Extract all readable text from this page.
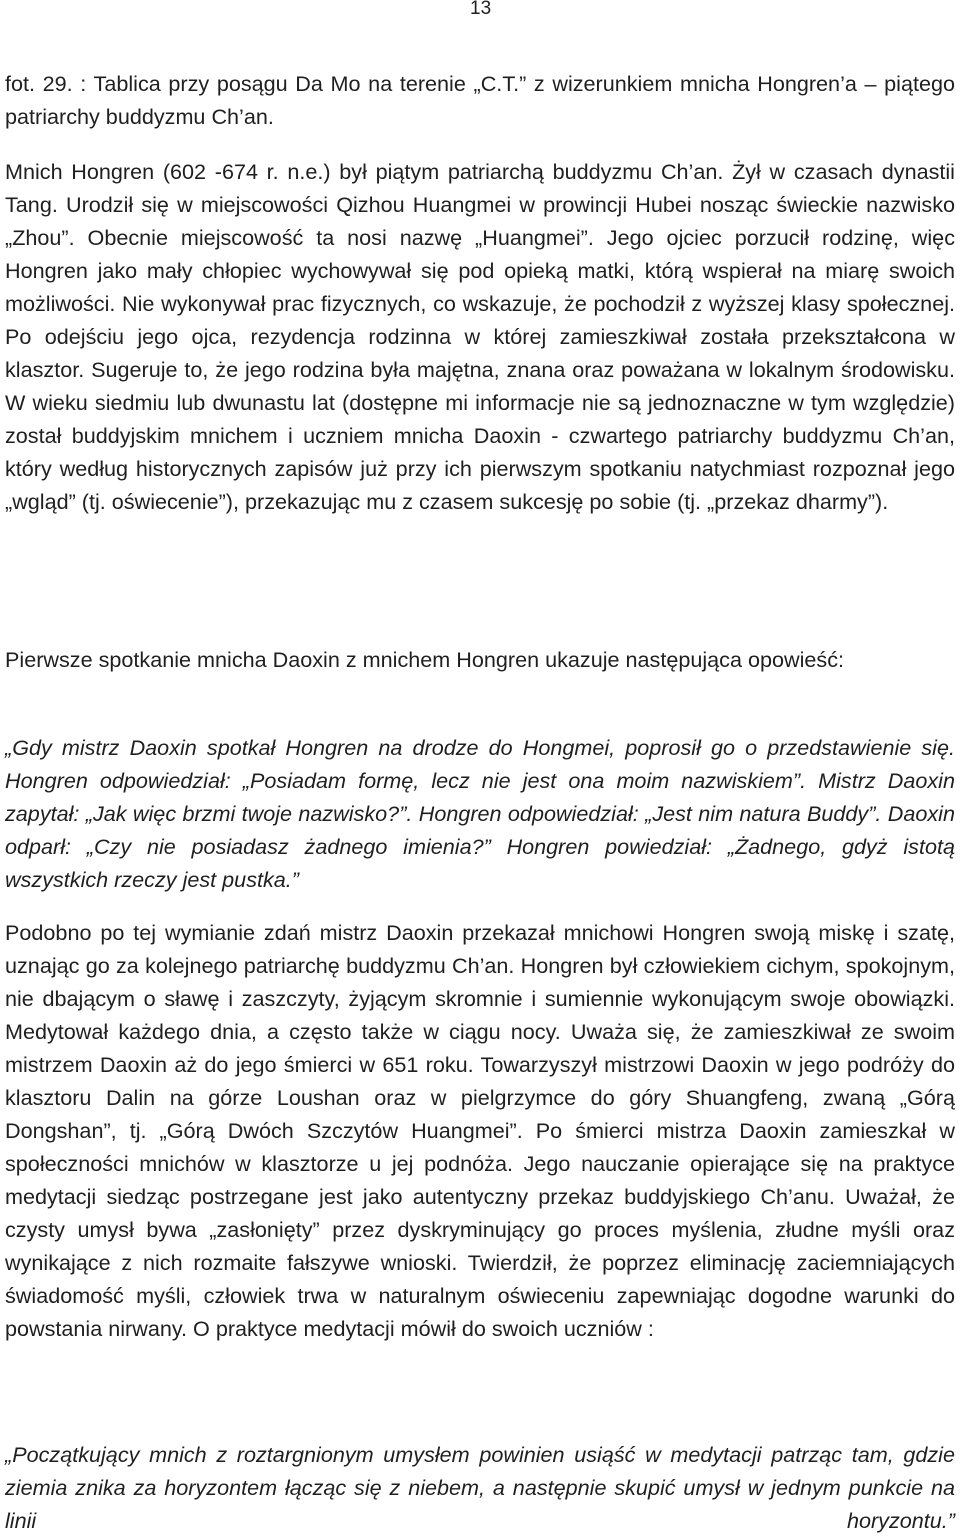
13

fot. 29. : Tablica przy posągu Da Mo na terenie „C.T.” z wizerunkiem mnicha Hongren’a – piątego patriarchy buddyzmu Ch’an.

Mnich Hongren (602 -674 r. n.e.) był piątym patriarchą buddyzmu Ch’an. Żył w czasach dynastii Tang. Urodził się w miejscowości Qizhou Huangmei w prowincji Hubei nosząc świeckie nazwisko „Zhou”. Obecnie miejscowość ta nosi nazwę „Huangmei”. Jego ojciec porzucił rodzinę, więc Hongren jako mały chłopiec wychowywał się pod opieką matki, którą wspierał na miarę swoich możliwości. Nie wykonywał prac fizycznych, co wskazuje, że pochodził z wyższej klasy społecznej. Po odejściu jego ojca, rezydencja rodzinna w której zamieszkiwał została przekształcona w klasztor. Sugeruje to, że jego rodzina była majętna, znana oraz poważana w lokalnym środowisku. W wieku siedmiu lub dwunastu lat (dostępne mi informacje nie są jednoznaczne w tym względzie) został buddyjskim mnichem i uczniem mnicha Daoxin - czwartego patriarchy buddyzmu Ch’an, który według historycznych zapisów już przy ich pierwszym spotkaniu natychmiast rozpoznał jego „wgląd” (tj. oświecenie”), przekazując mu z czasem sukcesję po sobie (tj. „przekaz dharmy”).

Pierwsze spotkanie mnicha Daoxin z mnichem Hongren ukazuje następująca opowieść:

„Gdy mistrz Daoxin spotkał Hongren na drodze do Hongmei, poprosił go o przedstawienie się. Hongren odpowiedział: „Posiadam formę, lecz nie jest ona moim nazwiskiem”. Mistrz Daoxin zapytał: „Jak więc brzmi twoje nazwisko?”. Hongren odpowiedział: „Jest nim natura Buddy”. Daoxin odparł: „Czy nie posiadasz żadnego imienia?” Hongren powiedział: „Żadnego, gdyż istotą wszystkich rzeczy jest pustka.”

Podobno po tej wymianie zdań mistrz Daoxin przekazał mnichowi Hongren swoją miskę i szatę, uznając go za kolejnego patriarchę buddyzmu Ch’an. Hongren był człowiekiem cichym, spokojnym, nie dbającym o sławę i zaszczyty, żyjącym skromnie i sumiennie wykonującym swoje obowiązki. Medytował każdego dnia, a często także w ciągu nocy. Uważa się, że zamieszkiwał ze swoim mistrzem Daoxin aż do jego śmierci w 651 roku. Towarzyszył mistrzowi Daoxin w jego podróży do klasztoru Dalin na górze Loushan oraz w pielgrzymce do góry Shuangfeng, zwaną „Górą Dongshan”, tj. „Górą Dwóch Szczytów Huangmei”. Po śmierci mistrza Daoxin zamieszkał w społeczności mnichów w klasztorze u jej podnóża. Jego nauczanie opierające się na praktyce medytacji siedząc postrzegane jest jako autentyczny przekaz buddyjskiego Ch’anu. Uważał, że czysty umysł bywa „zasłonięty” przez dyskryminujący go proces myślenia, złudne myśli oraz wynikające z nich rozmaite fałszywe wnioski. Twierdził, że poprzez eliminację zaciemniających świadomość myśli, człowiek trwa w naturalnym oświeceniu zapewniając dogodne warunki do powstania nirwany. O praktyce medytacji mówił do swoich uczniów :

„Początkujący mnich z roztargnionym umysłem powinien usiąść w medytacji patrząc tam, gdzie ziemia znika za horyzontem łącząc się z niebem, a następnie skupić umysł w jednym punkcie na linii horyzontu.”
